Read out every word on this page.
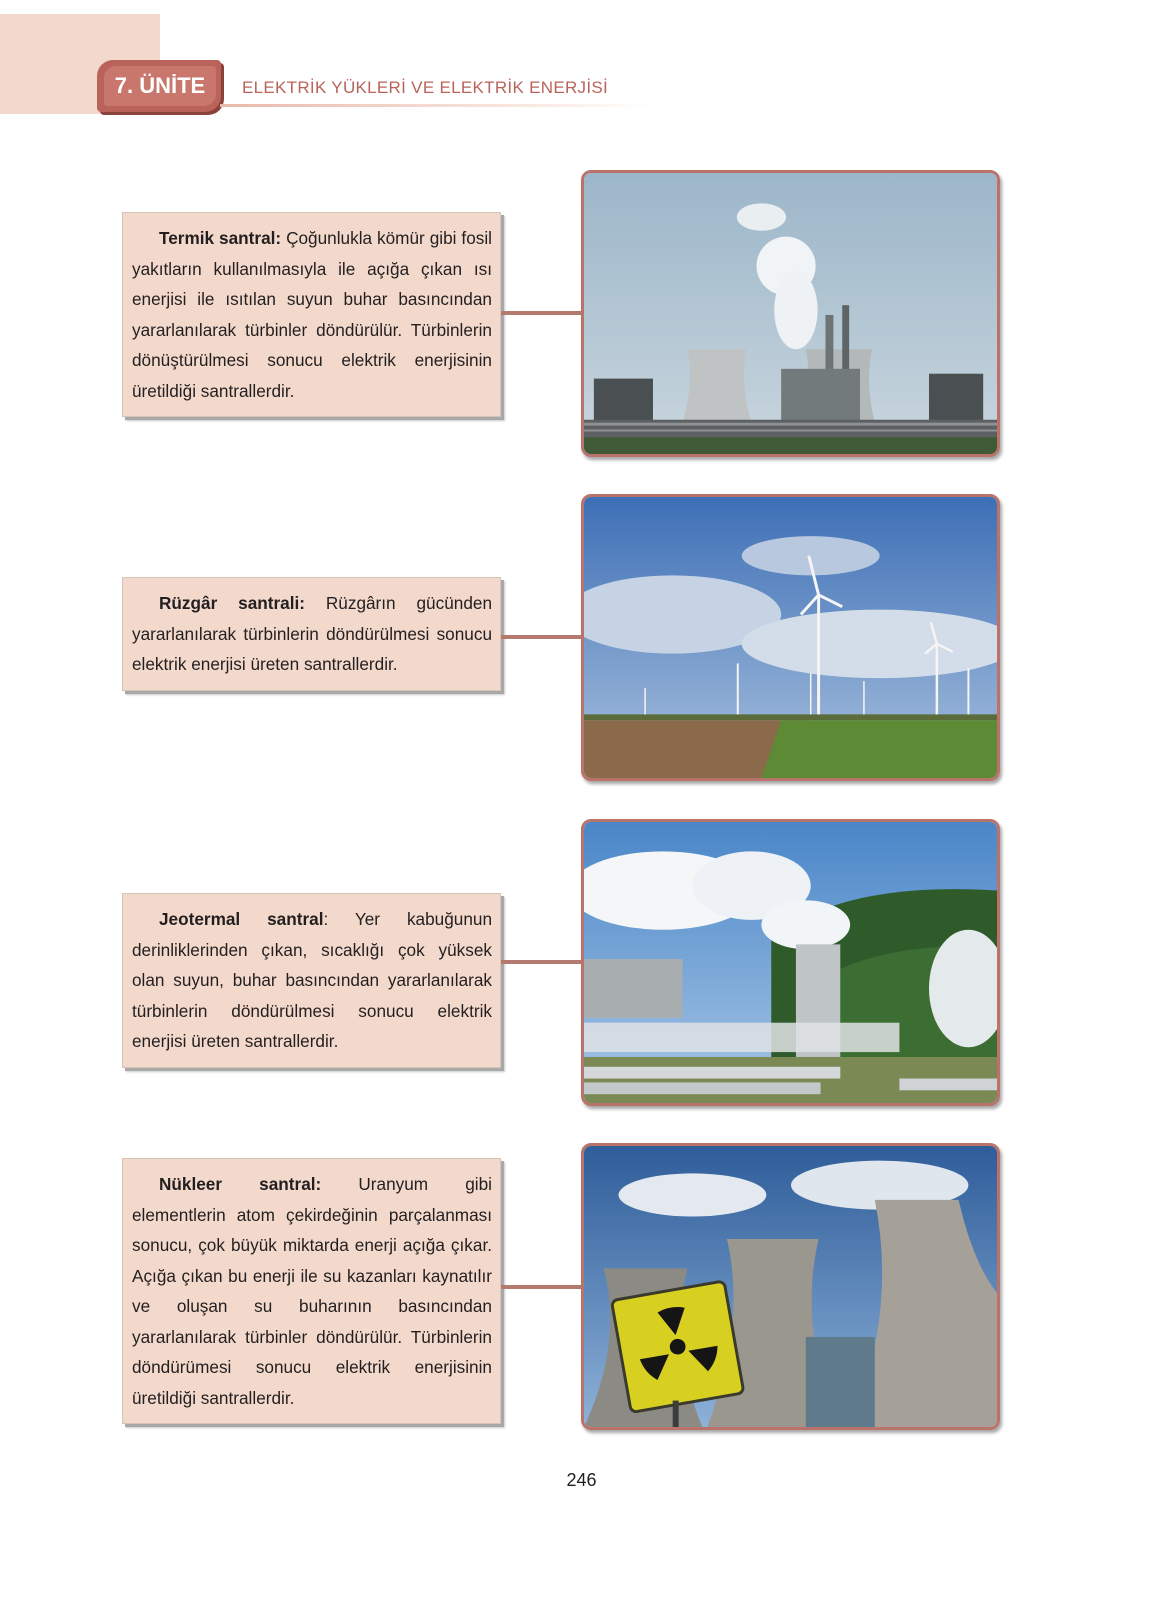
7. ÜNİTE	ELEKTRİK YÜKLERİ VE ELEKTRİK ENERJİSİ

Termik santral: Çoğunlukla kömür gibi fosil yakıtların kullanılmasıyla ile açığa çıkan ısı enerjisi ile ısıtılan suyun buhar basıncından yararlanılarak türbinler döndürülür. Türbinlerin dönüştürülmesi sonucu elektrik enerjisinin üretildiği santrallerdir.

Rüzgâr santrali: Rüzgârın gücünden yararlanılarak türbinlerin döndürülmesi sonucu elektrik enerjisi üreten santrallerdir.

Jeotermal santral: Yer kabuğunun derinliklerinden çıkan, sıcaklığı çok yüksek olan suyun, buhar basıncından yararlanılarak türbinlerin döndürülmesi sonucu elektrik enerjisi üreten santrallerdir.

Nükleer santral: Uranyum gibi elementlerin atom çekirdeğinin parçalanması sonucu, çok büyük miktarda enerji açığa çıkar. Açığa çıkan bu enerji ile su kazanları kaynatılır ve oluşan su buharının basıncından yararlanılarak türbinler döndürülür. Türbinlerin döndürümesi sonucu elektrik enerjisinin üretildiği santrallerdir.

246
